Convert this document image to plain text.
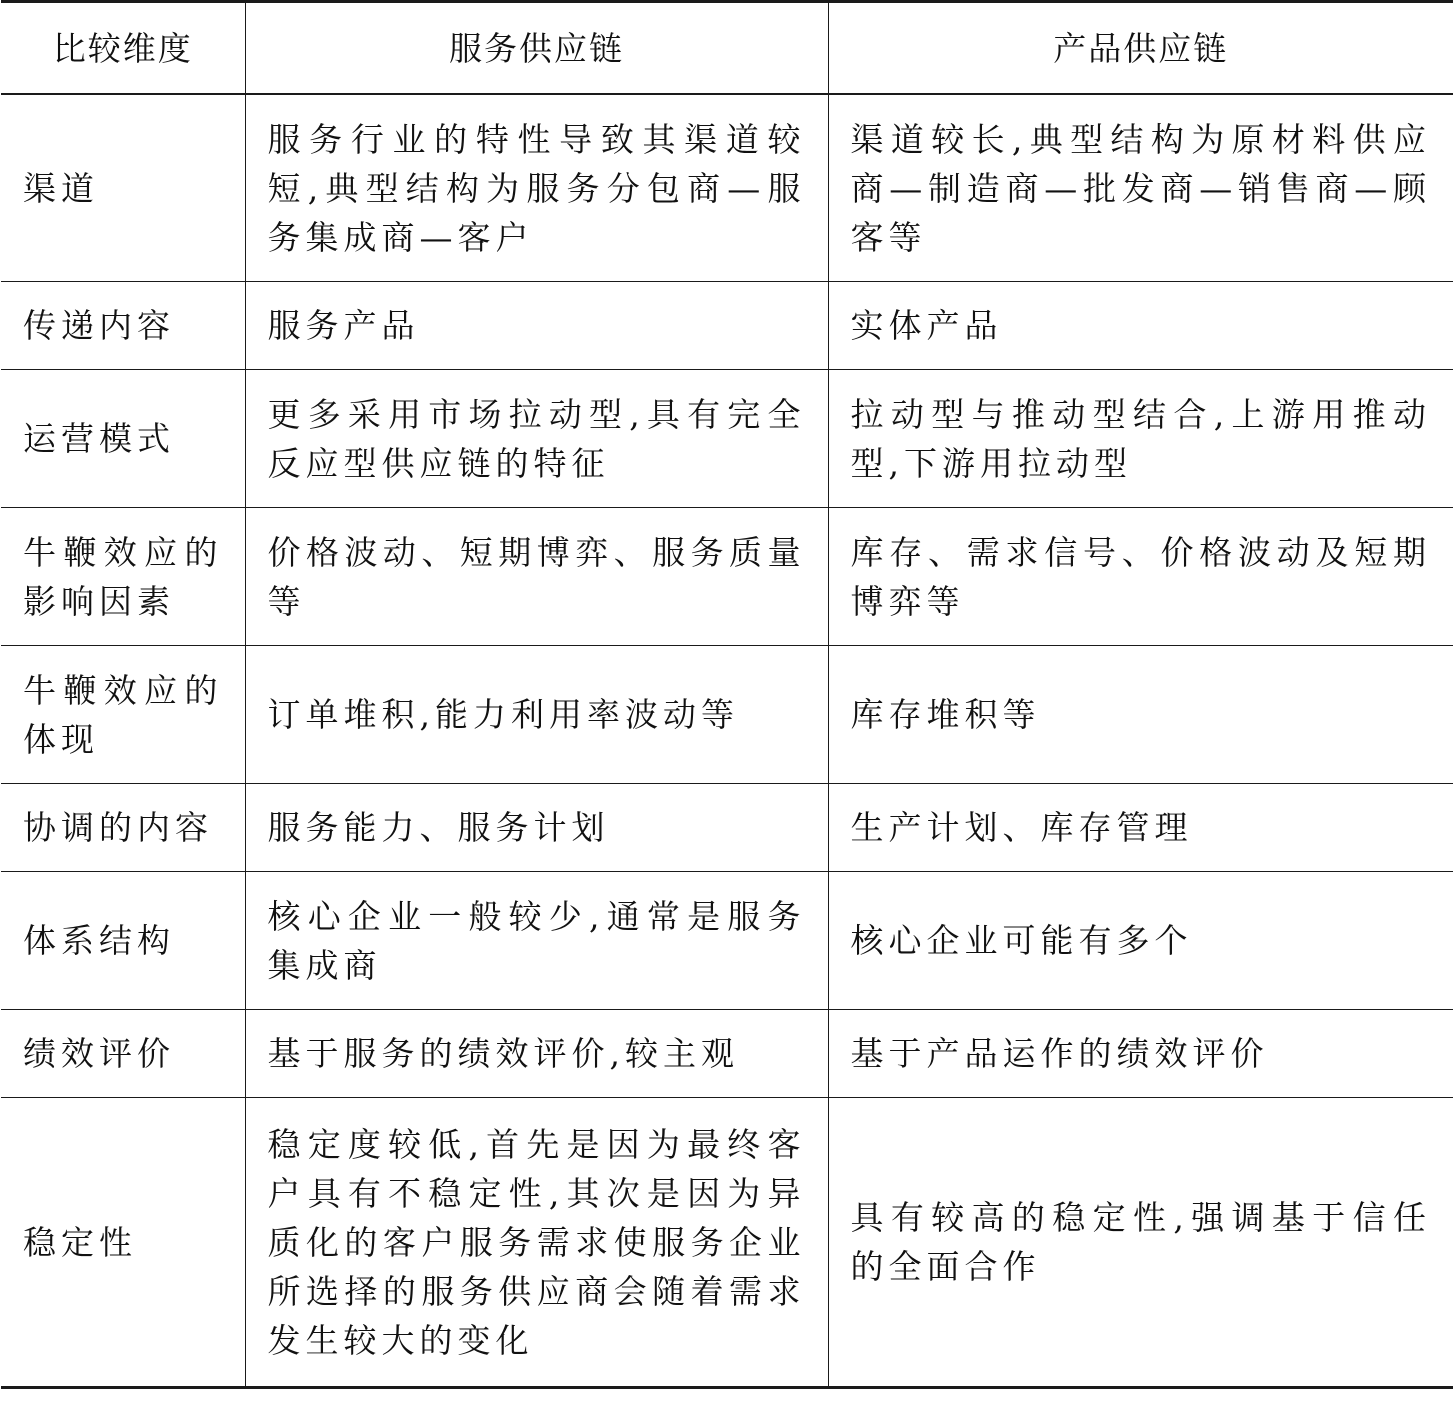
比较维度	服务供应链	产品供应链
渠道	服务行业的特性导致其渠道较短,典型结构为服务分包商—服务集成商—客户	渠道较长,典型结构为原材料供应商—制造商—批发商—销售商—顾客等
传递内容	服务产品	实体产品
运营模式	更多采用市场拉动型,具有完全反应型供应链的特征	拉动型与推动型结合,上游用推动型,下游用拉动型
牛鞭效应的影响因素	价格波动、短期博弈、服务质量等	库存、需求信号、价格波动及短期博弈等
牛鞭效应的体现	订单堆积,能力利用率波动等	库存堆积等
协调的内容	服务能力、服务计划	生产计划、库存管理
体系结构	核心企业一般较少,通常是服务集成商	核心企业可能有多个
绩效评价	基于服务的绩效评价,较主观	基于产品运作的绩效评价
稳定性	稳定度较低,首先是因为最终客户具有不稳定性,其次是因为异质化的客户服务需求使服务企业所选择的服务供应商会随着需求发生较大的变化	具有较高的稳定性,强调基于信任的全面合作
